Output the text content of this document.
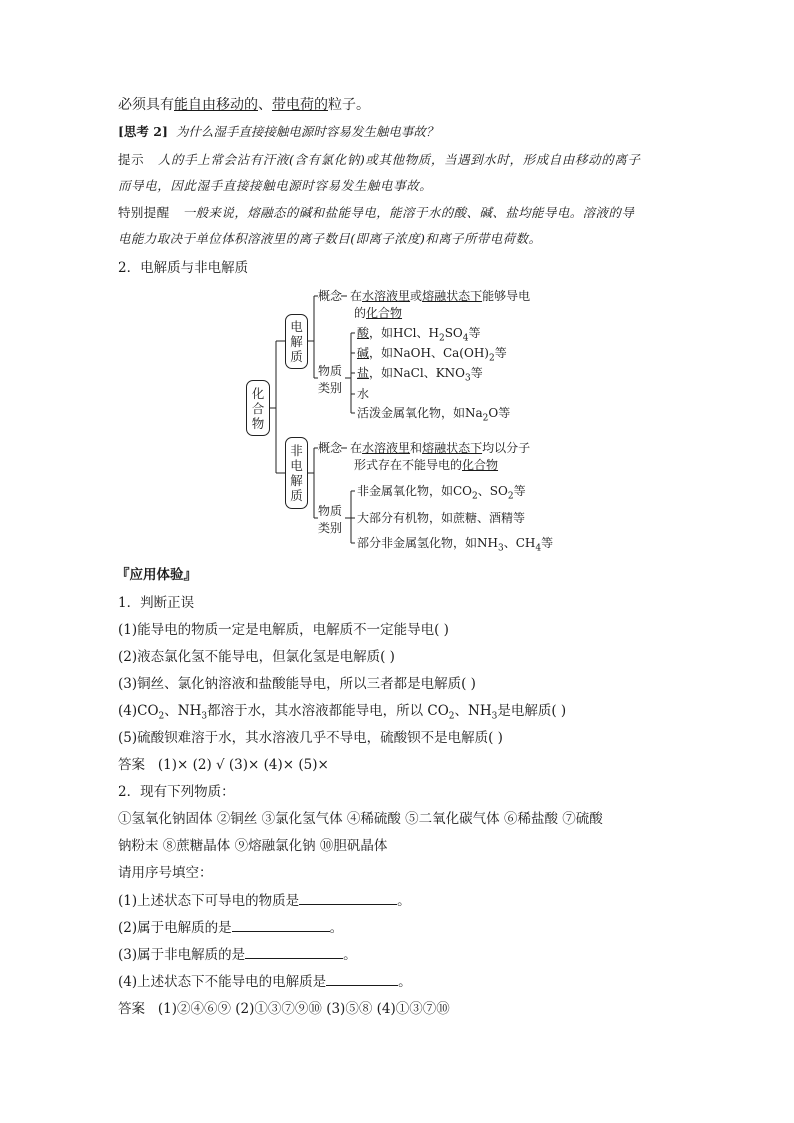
必须具有能自由移动的、带电荷的粒子。
[思考 2] 为什么湿手直接接触电源时容易发生触电事故？
提示 人的手上常会沾有汗液(含有氯化钠)或其他物质，当遇到水时，形成自由移动的离子
而导电，因此湿手直接接触电源时容易发生触电事故。
特别提醒 一般来说，熔融态的碱和盐能导电，能溶于水的酸、碱、盐均能导电。溶液的导
电能力取决于单位体积溶液里的离子数目(即离子浓度)和离子所带电荷数。
2．电解质与非电解质
化
合
物
电
解
质
非
电
解
质
概念 在水溶液里或熔融状态下能够导电
的化合物
物质
类别
酸，如HCl、$H_2SO_4$等
碱，如NaOH、$Ca(OH)_2$等
盐，如NaCl、$KNO_3$等
水
活泼金属氧化物，如$Na_2O$等
概念 在水溶液里和熔融状态下均以分子
形式存在不能导电的化合物
物质
类别
非金属氧化物，如$CO_2$、$SO_2$等
大部分有机物，如蔗糖、酒精等
部分非金属氢化物，如$NH_3$、$CH_4$等
『应用体验』
1．判断正误
(1)能导电的物质一定是电解质，电解质不一定能导电( )
(2)液态氯化氢不能导电，但氯化氢是电解质( )
(3)铜丝、氯化钠溶液和盐酸能导电，所以三者都是电解质( )
$(4)CO_2$、$NH_3$都溶于水，其水溶液都能导电，所以 $CO_2$、$NH_3$是电解质( )
(5)硫酸钡难溶于水，其水溶液几乎不导电，硫酸钡不是电解质( )
答案 (1)× (2) √ (3)× (4)× (5)×
2．现有下列物质：
①氢氧化钠固体 ②铜丝 ③氯化氢气体 ④稀硫酸 ⑤二氧化碳气体 ⑥稀盐酸 ⑦硫酸
钠粉末 ⑧蔗糖晶体 ⑨熔融氯化钠 ⑩胆矾晶体
请用序号填空：
(1)上述状态下可导电的物质是	。
(2)属于电解质的是	。
(3)属于非电解质的是	。
(4)上述状态下不能导电的电解质是	。
答案 (1)②④⑥⑨ (2)①③⑦⑨⑩ (3)⑤⑧ (4)①③⑦⑩
